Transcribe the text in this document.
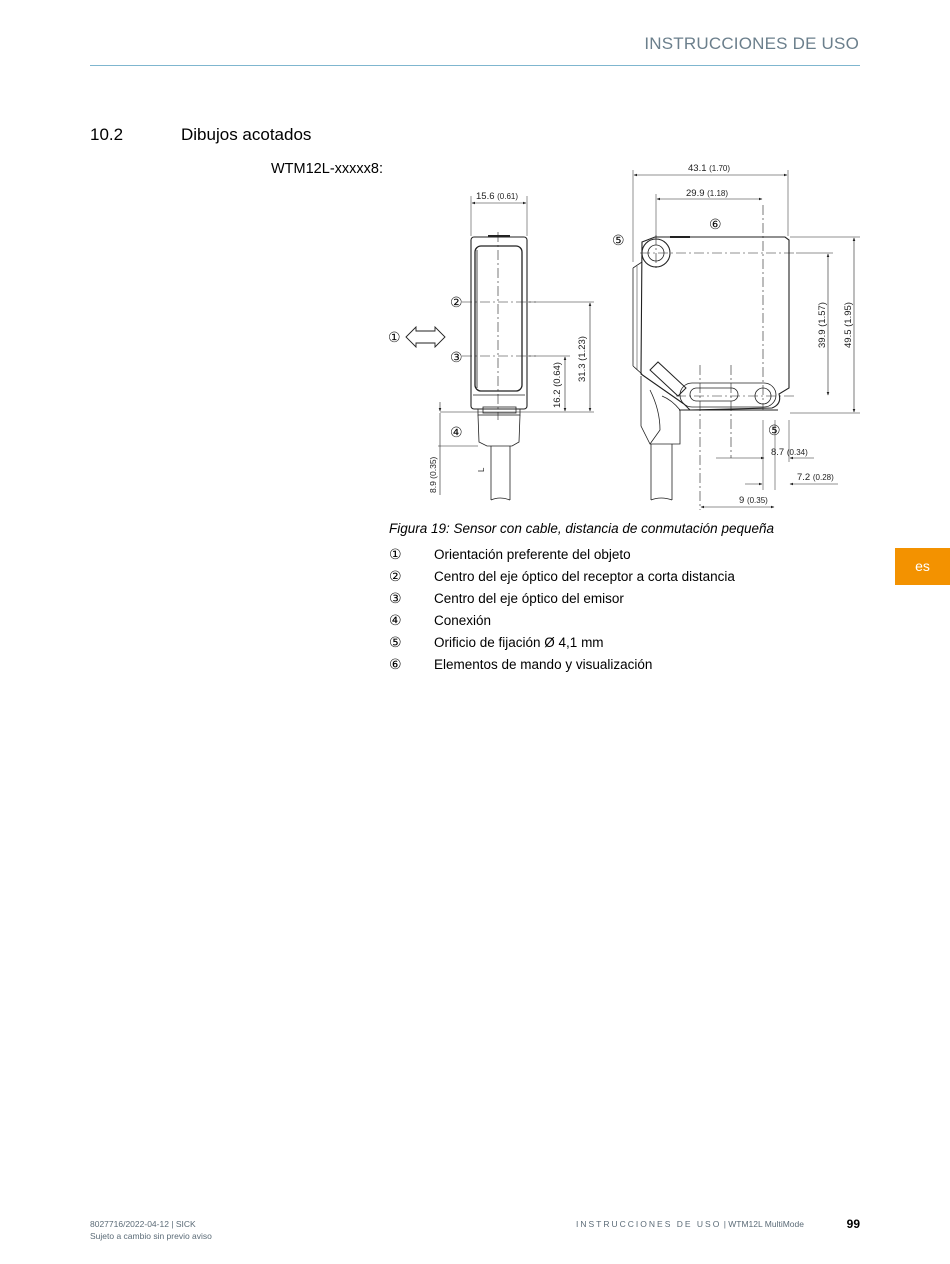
INSTRUCCIONES DE USO
10.2	Dibujos acotados
WTM12L-xxxxx8:
15.6 (0.61)
43.1 (1.70)
29.9 (1.18)
31.3 (1.23)
16.2 (0.64)
8.9 (0.35)	L
39.9 (1.57) 49.5 (1.95)
8.7 (0.34)
7.2 (0.28)
9 (0.35)
①
②
③
④
⑤
⑤
⑥
Figura 19: Sensor con cable, distancia de conmutación pequeña
①	Orientación preferente del objeto
②	Centro del eje óptico del receptor a corta distancia
③	Centro del eje óptico del emisor
④	Conexión
⑤	Orificio de fijación Ø 4,1 mm
⑥	Elementos de mando y visualización
es
8027716/2022-04-12 | SICK
Sujeto a cambio sin previo aviso
INSTRUCCIONES DE USO | WTM12L MultiMode	99
